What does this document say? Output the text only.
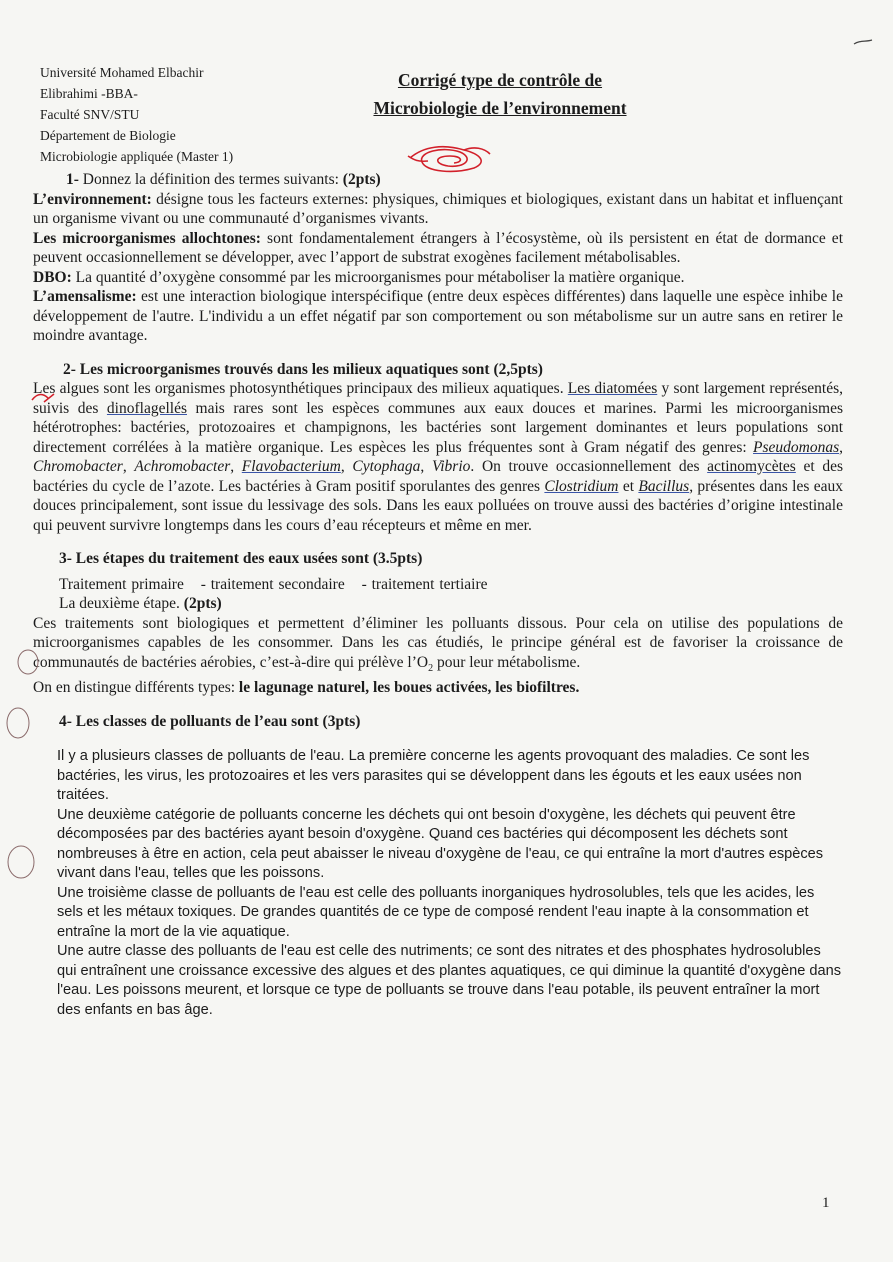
Université Mohamed Elbachir
Elibrahimi -BBA-
Faculté SNV/STU
Département de Biologie
Microbiologie appliquée (Master 1)
Corrigé type de contrôle de
Microbiologie de l’environnement

1- Donnez la définition des termes suivants: (2pts)

L’environnement: désigne tous les facteurs externes: physiques, chimiques et biologiques, existant dans un habitat et influençant un organisme vivant ou une communauté d’organismes vivants.

Les microorganismes allochtones: sont fondamentalement étrangers à l’écosystème, où ils persistent en état de dormance et peuvent occasionnellement se développer, avec l’apport de substrat exogènes facilement métabolisables.

DBO: La quantité d’oxygène consommé par les microorganismes pour métaboliser la matière organique.

L’amensalisme: est une interaction biologique interspécifique (entre deux espèces différentes) dans laquelle une espèce inhibe le développement de l'autre. L'individu a un effet négatif par son comportement ou son métabolisme sur un autre sans en retirer le moindre avantage.

2- Les microorganismes trouvés dans les milieux aquatiques sont (2,5pts)

Les algues sont les organismes photosynthétiques principaux des milieux aquatiques. Les diatomées y sont largement représentés, suivis des dinoflagellés mais rares sont les espèces communes aux eaux douces et marines. Parmi les microorganismes hétérotrophes: bactéries, protozoaires et champignons, les bactéries sont largement dominantes et leurs populations sont directement corrélées à la matière organique. Les espèces les plus fréquentes sont à Gram négatif des genres: Pseudomonas, Chromobacter, Achromobacter, Flavobacterium, Cytophaga, Vibrio. On trouve occasionnellement des actinomycètes et des bactéries du cycle de l’azote. Les bactéries à Gram positif sporulantes des genres Clostridium et Bacillus, présentes dans les eaux douces principalement, sont issue du lessivage des sols. Dans les eaux polluées on trouve aussi des bactéries d’origine intestinale qui peuvent survivre longtemps dans les cours d’eau récepteurs et même en mer.

3- Les étapes du traitement des eaux usées sont (3.5pts)

Traitement primaire - traitement secondaire - traitement tertiaire

La deuxième étape. (2pts)

Ces traitements sont biologiques et permettent d’éliminer les polluants dissous. Pour cela on utilise des populations de microorganismes capables de les consommer. Dans les cas étudiés, le principe général est de favoriser la croissance de communautés de bactéries aérobies, c’est-à-dire qui prélève $l’O_2$ pour leur métabolisme.

On en distingue différents types: le lagunage naturel, les boues activées, les biofiltres.

4- Les classes de polluants de l’eau sont (3pts)

Il y a plusieurs classes de polluants de l'eau. La première concerne les agents provoquant des maladies. Ce sont les bactéries, les virus, les protozoaires et les vers parasites qui se développent dans les égouts et les eaux usées non traitées.

Une deuxième catégorie de polluants concerne les déchets qui ont besoin d'oxygène, les déchets qui peuvent être décomposées par des bactéries ayant besoin d'oxygène. Quand ces bactéries qui décomposent les déchets sont nombreuses à être en action, cela peut abaisser le niveau d'oxygène de l'eau, ce qui entraîne la mort d'autres espèces vivant dans l'eau, telles que les poissons.

Une troisième classe de polluants de l'eau est celle des polluants inorganiques hydrosolubles, tels que les acides, les sels et les métaux toxiques. De grandes quantités de ce type de composé rendent l'eau inapte à la consommation et entraîne la mort de la vie aquatique.

Une autre classe des polluants de l'eau est celle des nutriments; ce sont des nitrates et des phosphates hydrosolubles qui entraînent une croissance excessive des algues et des plantes aquatiques, ce qui diminue la quantité d'oxygène dans l'eau. Les poissons meurent, et lorsque ce type de polluants se trouve dans l'eau potable, ils peuvent entraîner la mort des enfants en bas âge.

1
